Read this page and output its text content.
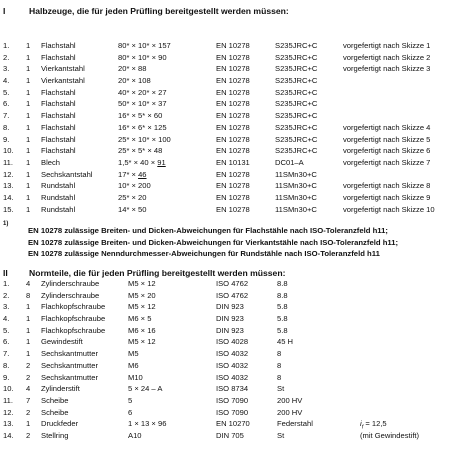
I	Halbzeuge, die für jeden Prüfling bereitgestellt werden müssen:
1. 1 Flachstahl	80* × 10* × 157	EN 10278	S235JRC+C	vorgefertigt nach Skizze 1
2. 1 Flachstahl	80* × 10* × 90	EN 10278	S235JRC+C	vorgefertigt nach Skizze 2
3. 1 Vierkantstahl	20* × 88	EN 10278	S235JRC+C	vorgefertigt nach Skizze 3
4. 1 Vierkantstahl	20* × 108	EN 10278	S235JRC+C
5. 1 Flachstahl	40* × 20* × 27	EN 10278	S235JRC+C
6. 1 Flachstahl	50* × 10* × 37	EN 10278	S235JRC+C
7. 1 Flachstahl	16* × 5* × 60	EN 10278	S235JRC+C
8. 1 Flachstahl	16* × 6* × 125	EN 10278	S235JRC+C	vorgefertigt nach Skizze 4
9. 1 Flachstahl	25* × 10* × 100	EN 10278	S235JRC+C	vorgefertigt nach Skizze 5
10. 1 Flachstahl	25* × 5* × 48	EN 10278	S235JRC+C	vorgefertigt nach Skizze 6
11. 1 Blech	1,5* × 40 × 91	EN 10131	DC01–A	vorgefertigt nach Skizze 7
12. 1 Sechskantstahl	17* × 46	EN 10278	11SMn30+C
13. 1 Rundstahl	10* × 200	EN 10278	11SMn30+C	vorgefertigt nach Skizze 8
14. 1 Rundstahl	25* × 20	EN 10278	11SMn30+C	vorgefertigt nach Skizze 9
15. 1 Rundstahl	14* × 50	EN 10278	11SMn30+C	vorgefertigt nach Skizze 10
1)
EN 10278 zulässige Breiten- und Dicken-Abweichungen für Flachstähle nach ISO-Toleranzfeld h11;
EN 10278 zulässige Breiten- und Dicken-Abweichungen für Vierkantstähle nach ISO-Toleranzfeld h11;
EN 10278 zulässige Nenndurchmesser-Abweichungen für Rundstähle nach ISO-Toleranzfeld h11
II Normteile, die für jeden Prüfling bereitgestellt werden müssen:
1. 4 Zylinderschraube	M5 × 12	ISO 4762	8.8
2. 8 Zylinderschraube	M5 × 20	ISO 4762	8.8
3. 1 Flachkopfschraube	M5 × 12	DIN 923	5.8
4. 1 Flachkopfschraube	M6 × 5	DIN 923	5.8
5. 1 Flachkopfschraube	M6 × 16	DIN 923	5.8
6. 1 Gewindestift	M5 × 12	ISO 4028	45 H
7. 1 Sechskantmutter	M5	ISO 4032	8
8. 2 Sechskantmutter	M6	ISO 4032	8
9. 2 Sechskantmutter	M10	ISO 4032	8
10. 4 Zylinderstift	5 × 24 – A	ISO 8734	St
11. 7 Scheibe	5	ISO 7090	200 HV
12. 2 Scheibe	6	ISO 7090	200 HV
13. 1 Druckfeder	1 × 13 × 96	EN 10270	Federstahl	$i_f = 12,5$
14. 2 Stellring	A10	DIN 705	St	(mit Gewindestift)
